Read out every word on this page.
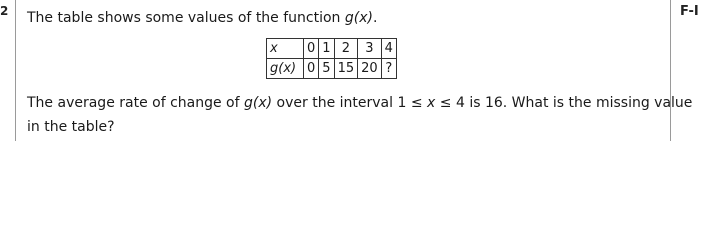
2	F-I
The table shows some values of the function g(x).
x	0	1	2	3	4
g(x)	0	5	15	20	?
The average rate of change of g(x) over the interval 1 ≤ x ≤ 4 is 16. What is the missing value
in the table?
